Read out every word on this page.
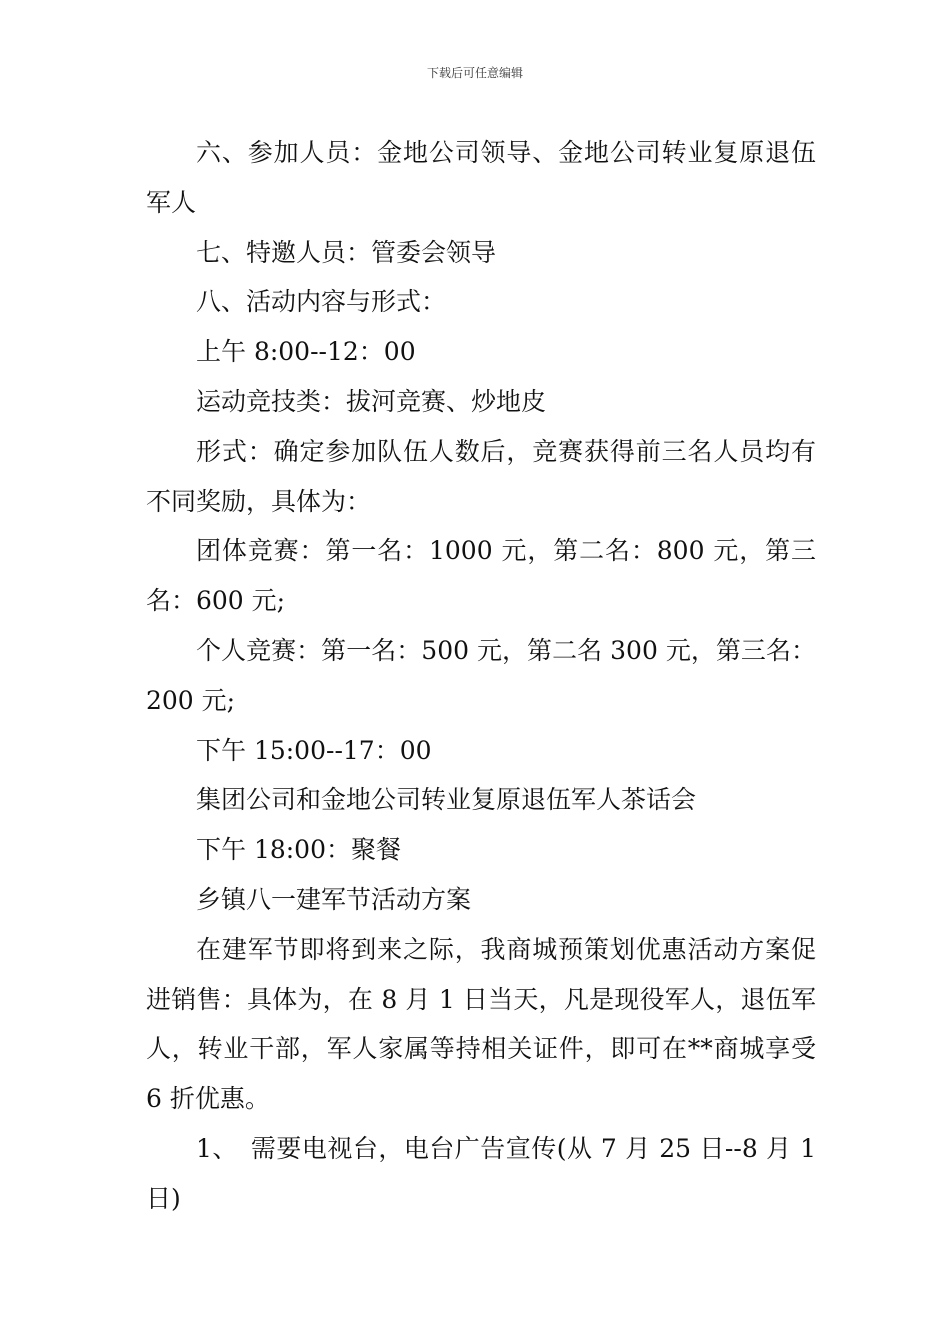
下载后可任意编辑

六、参加人员：金地公司领导、金地公司转业复原退伍军人

七、特邀人员：管委会领导

八、活动内容与形式：

上午 8:00--12：00

运动竞技类：拔河竞赛、炒地皮

形式：确定参加队伍人数后，竞赛获得前三名人员均有不同奖励，具体为：

团体竞赛：第一名：1000 元，第二名：800 元，第三名：600 元;

个人竞赛：第一名：500 元，第二名 300 元，第三名：200 元;

下午 15:00--17：00

集团公司和金地公司转业复原退伍军人茶话会

下午 18:00：聚餐

乡镇八一建军节活动方案

在建军节即将到来之际，我商城预策划优惠活动方案促进销售：具体为，在 8 月 1 日当天，凡是现役军人，退伍军人，转业干部，军人家属等持相关证件，即可在**商城享受 6 折优惠。

1、　需要电视台，电台广告宣传(从 7 月 25 日--8 月 1 日)
